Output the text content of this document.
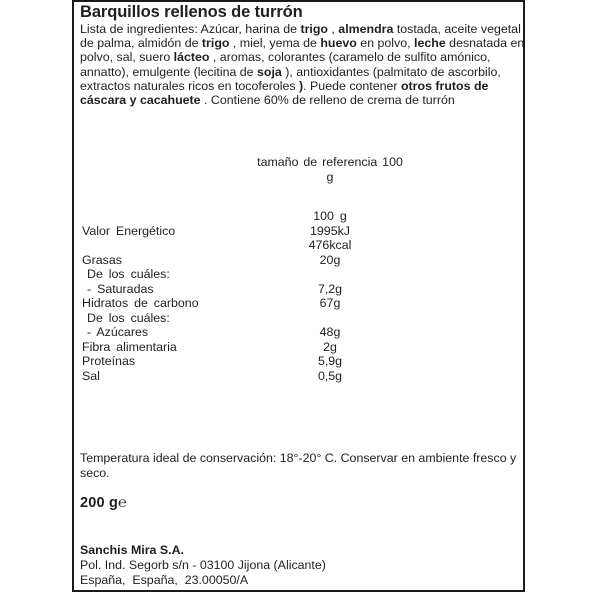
Barquillos rellenos de turrón
Lista de ingredientes: Azúcar, harina de trigo , almendra tostada, aceite vegetal
de palma, almidón de trigo , miel, yema de huevo en polvo, leche desnatada en
polvo, sal, suero lácteo , aromas, colorantes (caramelo de sulfito amónico,
annatto), emulgente (lecitina de soja ), antioxidantes (palmitato de ascorbilo,
extractos naturales ricos en tocoferoles ). Puede contener otros frutos de
cáscara y cacahuete . Contiene 60% de relleno de crema de turrón
tamaño de referencia 100
g
100 g
Valor Energético	1995kJ
476kcal
Grasas	20g
De los cuáles:
- Saturadas	7,2g
Hidratos de carbono	67g
De los cuáles:
- Azúcares	48g
Fibra alimentaria	2g
Proteínas	5,9g
Sal	0,5g
Temperatura ideal de conservación: 18°-20° C. Conservar en ambiente fresco y seco.
200 g℮
Sanchis Mira S.A.
Pol. Ind. Segorb s/n - 03100 Jijona (Alicante)
España,  España,  23.00050/A
